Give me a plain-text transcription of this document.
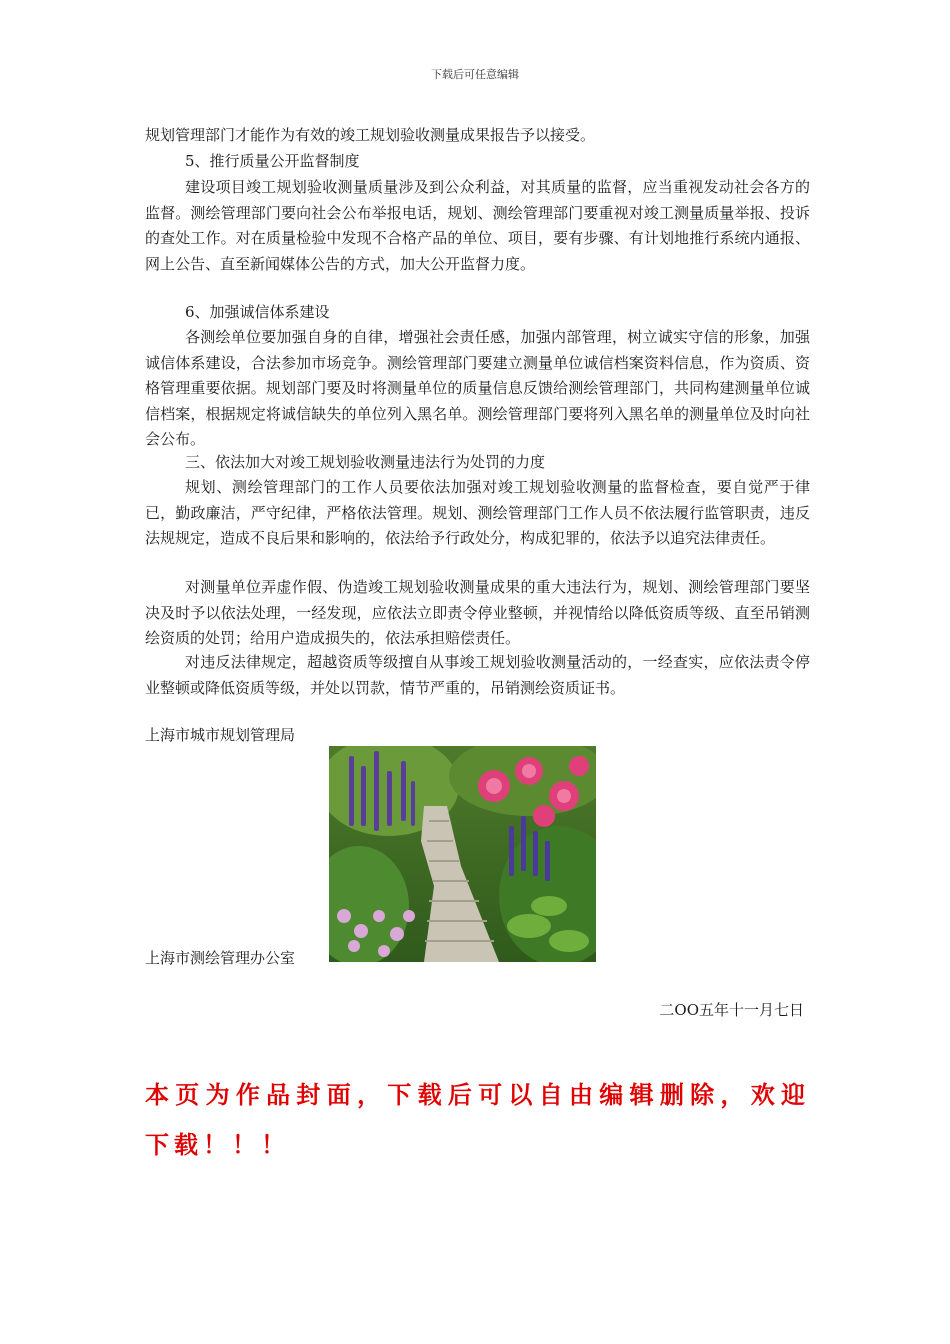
下载后可任意编辑

规划管理部门才能作为有效的竣工规划验收测量成果报告予以接受。

5、推行质量公开监督制度

建设项目竣工规划验收测量质量涉及到公众利益，对其质量的监督，应当重视发动社会各方的监督。测绘管理部门要向社会公布举报电话，规划、测绘管理部门要重视对竣工测量质量举报、投诉的查处工作。对在质量检验中发现不合格产品的单位、项目，要有步骤、有计划地推行系统内通报、网上公告、直至新闻媒体公告的方式，加大公开监督力度。

6、加强诚信体系建设

各测绘单位要加强自身的自律，增强社会责任感，加强内部管理，树立诚实守信的形象，加强诚信体系建设，合法参加市场竞争。测绘管理部门要建立测量单位诚信档案资料信息，作为资质、资格管理重要依据。规划部门要及时将测量单位的质量信息反馈给测绘管理部门，共同构建测量单位诚信档案，根据规定将诚信缺失的单位列入黑名单。测绘管理部门要将列入黑名单的测量单位及时向社会公布。

三、依法加大对竣工规划验收测量违法行为处罚的力度

规划、测绘管理部门的工作人员要依法加强对竣工规划验收测量的监督检查，要自觉严于律已，勤政廉洁，严守纪律，严格依法管理。规划、测绘管理部门工作人员不依法履行监管职责，违反法规规定，造成不良后果和影响的，依法给予行政处分，构成犯罪的，依法予以追究法律责任。

对测量单位弄虚作假、伪造竣工规划验收测量成果的重大违法行为，规划、测绘管理部门要坚决及时予以依法处理，一经发现，应依法立即责令停业整顿，并视情给以降低资质等级、直至吊销测绘资质的处罚；给用户造成损失的，依法承担赔偿责任。

对违反法律规定，超越资质等级擅自从事竣工规划验收测量活动的，一经查实，应依法责令停业整顿或降低资质等级，并处以罚款，情节严重的，吊销测绘资质证书。

上海市城市规划管理局

上海市测绘管理办公室

二OO五年十一月七日

本页为作品封面，下载后可以自由编辑删除，欢迎下载！！！
